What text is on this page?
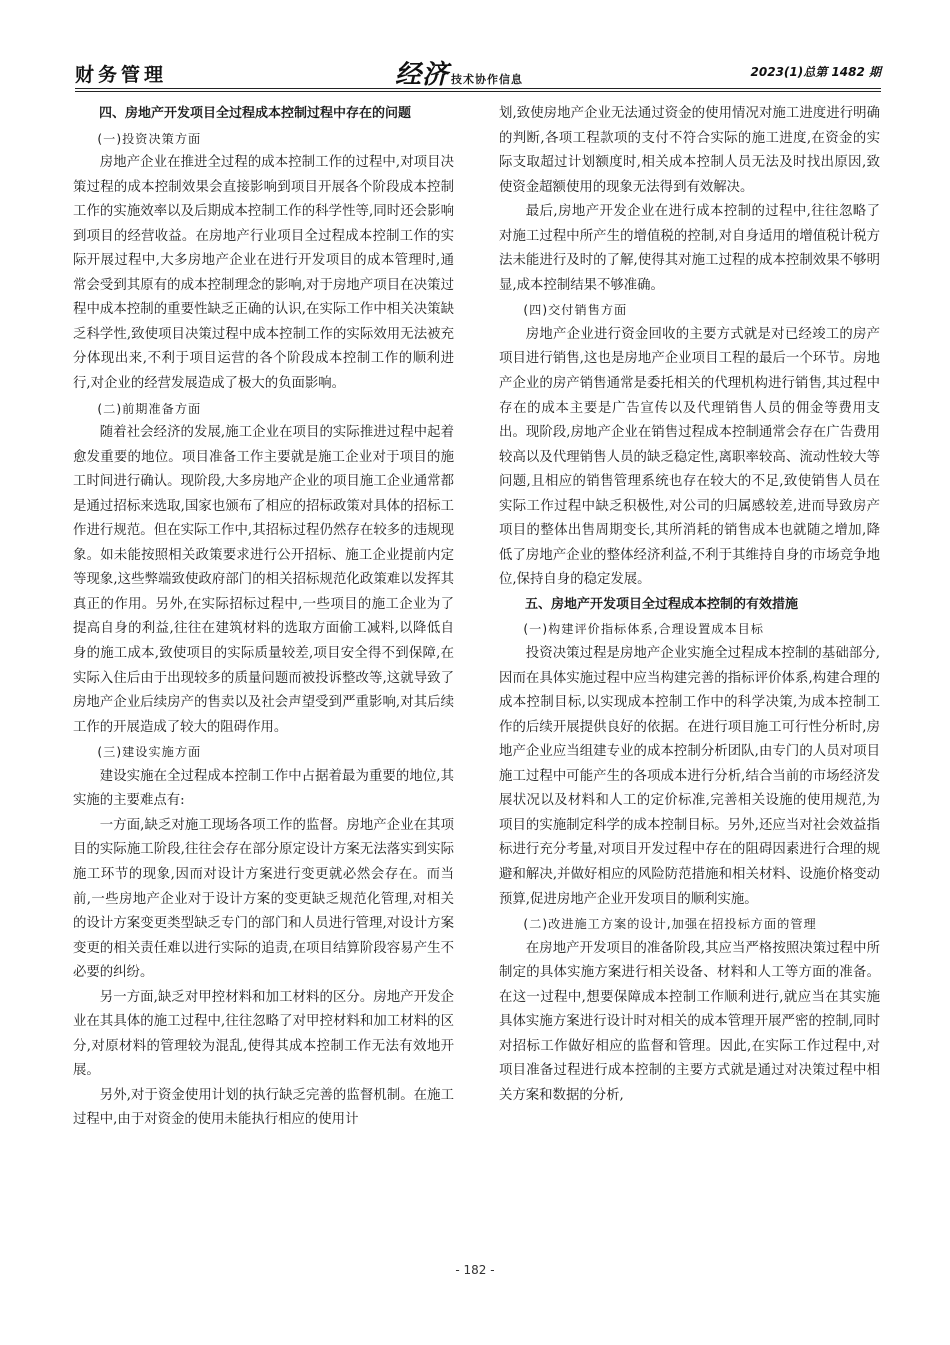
财务管理	经济 技术协作信息
2023(1)总第 1482 期
四、房地产开发项目全过程成本控制过程中存在的问题
(一)投资决策方面

房地产企业在推进全过程的成本控制工作的过程中,对项目决策过程的成本控制效果会直接影响到项目开展各个阶段成本控制工作的实施效率以及后期成本控制工作的科学性等,同时还会影响到项目的经营收益。在房地产行业项目全过程成本控制工作的实际开展过程中,大多房地产企业在进行开发项目的成本管理时,通常会受到其原有的成本控制理念的影响,对于房地产项目在决策过程中成本控制的重要性缺乏正确的认识,在实际工作中相关决策缺乏科学性,致使项目决策过程中成本控制工作的实际效用无法被充分体现出来,不利于项目运营的各个阶段成本控制工作的顺利进行,对企业的经营发展造成了极大的负面影响。

(二)前期准备方面

随着社会经济的发展,施工企业在项目的实际推进过程中起着愈发重要的地位。项目准备工作主要就是施工企业对于项目的施工时间进行确认。现阶段,大多房地产企业的项目施工企业通常都是通过招标来选取,国家也颁布了相应的招标政策对具体的招标工作进行规范。但在实际工作中,其招标过程仍然存在较多的违规现象。如未能按照相关政策要求进行公开招标、施工企业提前内定等现象,这些弊端致使政府部门的相关招标规范化政策难以发挥其真正的作用。另外,在实际招标过程中,一些项目的施工企业为了提高自身的利益,往往在建筑材料的选取方面偷工减料,以降低自身的施工成本,致使项目的实际质量较差,项目安全得不到保障,在实际入住后由于出现较多的质量问题而被投诉整改等,这就导致了房地产企业后续房产的售卖以及社会声望受到严重影响,对其后续工作的开展造成了较大的阻碍作用。

(三)建设实施方面

建设实施在全过程成本控制工作中占据着最为重要的地位,其实施的主要难点有:

一方面,缺乏对施工现场各项工作的监督。房地产企业在其项目的实际施工阶段,往往会存在部分原定设计方案无法落实到实际施工环节的现象,因而对设计方案进行变更就必然会存在。而当前,一些房地产企业对于设计方案的变更缺乏规范化管理,对相关的设计方案变更类型缺乏专门的部门和人员进行管理,对设计方案变更的相关责任难以进行实际的追责,在项目结算阶段容易产生不必要的纠纷。

另一方面,缺乏对甲控材料和加工材料的区分。房地产开发企业在其具体的施工过程中,往往忽略了对甲控材料和加工材料的区分,对原材料的管理较为混乱,使得其成本控制工作无法有效地开展。

另外,对于资金使用计划的执行缺乏完善的监督机制。在施工过程中,由于对资金的使用未能执行相应的使用计

划,致使房地产企业无法通过资金的使用情况对施工进度进行明确的判断,各项工程款项的支付不符合实际的施工进度,在资金的实际支取超过计划额度时,相关成本控制人员无法及时找出原因,致使资金超额使用的现象无法得到有效解决。

最后,房地产开发企业在进行成本控制的过程中,往往忽略了对施工过程中所产生的增值税的控制,对自身适用的增值税计税方法未能进行及时的了解,使得其对施工过程的成本控制效果不够明显,成本控制结果不够准确。

(四)交付销售方面

房地产企业进行资金回收的主要方式就是对已经竣工的房产项目进行销售,这也是房地产企业项目工程的最后一个环节。房地产企业的房产销售通常是委托相关的代理机构进行销售,其过程中存在的成本主要是广告宣传以及代理销售人员的佣金等费用支出。现阶段,房地产企业在销售过程成本控制通常会存在广告费用较高以及代理销售人员的缺乏稳定性,离职率较高、流动性较大等问题,且相应的销售管理系统也存在较大的不足,致使销售人员在实际工作过程中缺乏积极性,对公司的归属感较差,进而导致房产项目的整体出售周期变长,其所消耗的销售成本也就随之增加,降低了房地产企业的整体经济利益,不利于其维持自身的市场竞争地位,保持自身的稳定发展。

五、房地产开发项目全过程成本控制的有效措施
(一)构建评价指标体系,合理设置成本目标

投资决策过程是房地产企业实施全过程成本控制的基础部分,因而在具体实施过程中应当构建完善的指标评价体系,构建合理的成本控制目标,以实现成本控制工作中的科学决策,为成本控制工作的后续开展提供良好的依据。在进行项目施工可行性分析时,房地产企业应当组建专业的成本控制分析团队,由专门的人员对项目施工过程中可能产生的各项成本进行分析,结合当前的市场经济发展状况以及材料和人工的定价标准,完善相关设施的使用规范,为项目的实施制定科学的成本控制目标。另外,还应当对社会效益指标进行充分考量,对项目开发过程中存在的阻碍因素进行合理的规避和解决,并做好相应的风险防范措施和相关材料、设施价格变动预算,促进房地产企业开发项目的顺利实施。

(二)改进施工方案的设计,加强在招投标方面的管理

在房地产开发项目的准备阶段,其应当严格按照决策过程中所制定的具体实施方案进行相关设备、材料和人工等方面的准备。在这一过程中,想要保障成本控制工作顺利进行,就应当在其实施具体实施方案进行设计时对相关的成本管理开展严密的控制,同时对招标工作做好相应的监督和管理。因此,在实际工作过程中,对项目准备过程进行成本控制的主要方式就是通过对决策过程中相关方案和数据的分析,

- 182 -
